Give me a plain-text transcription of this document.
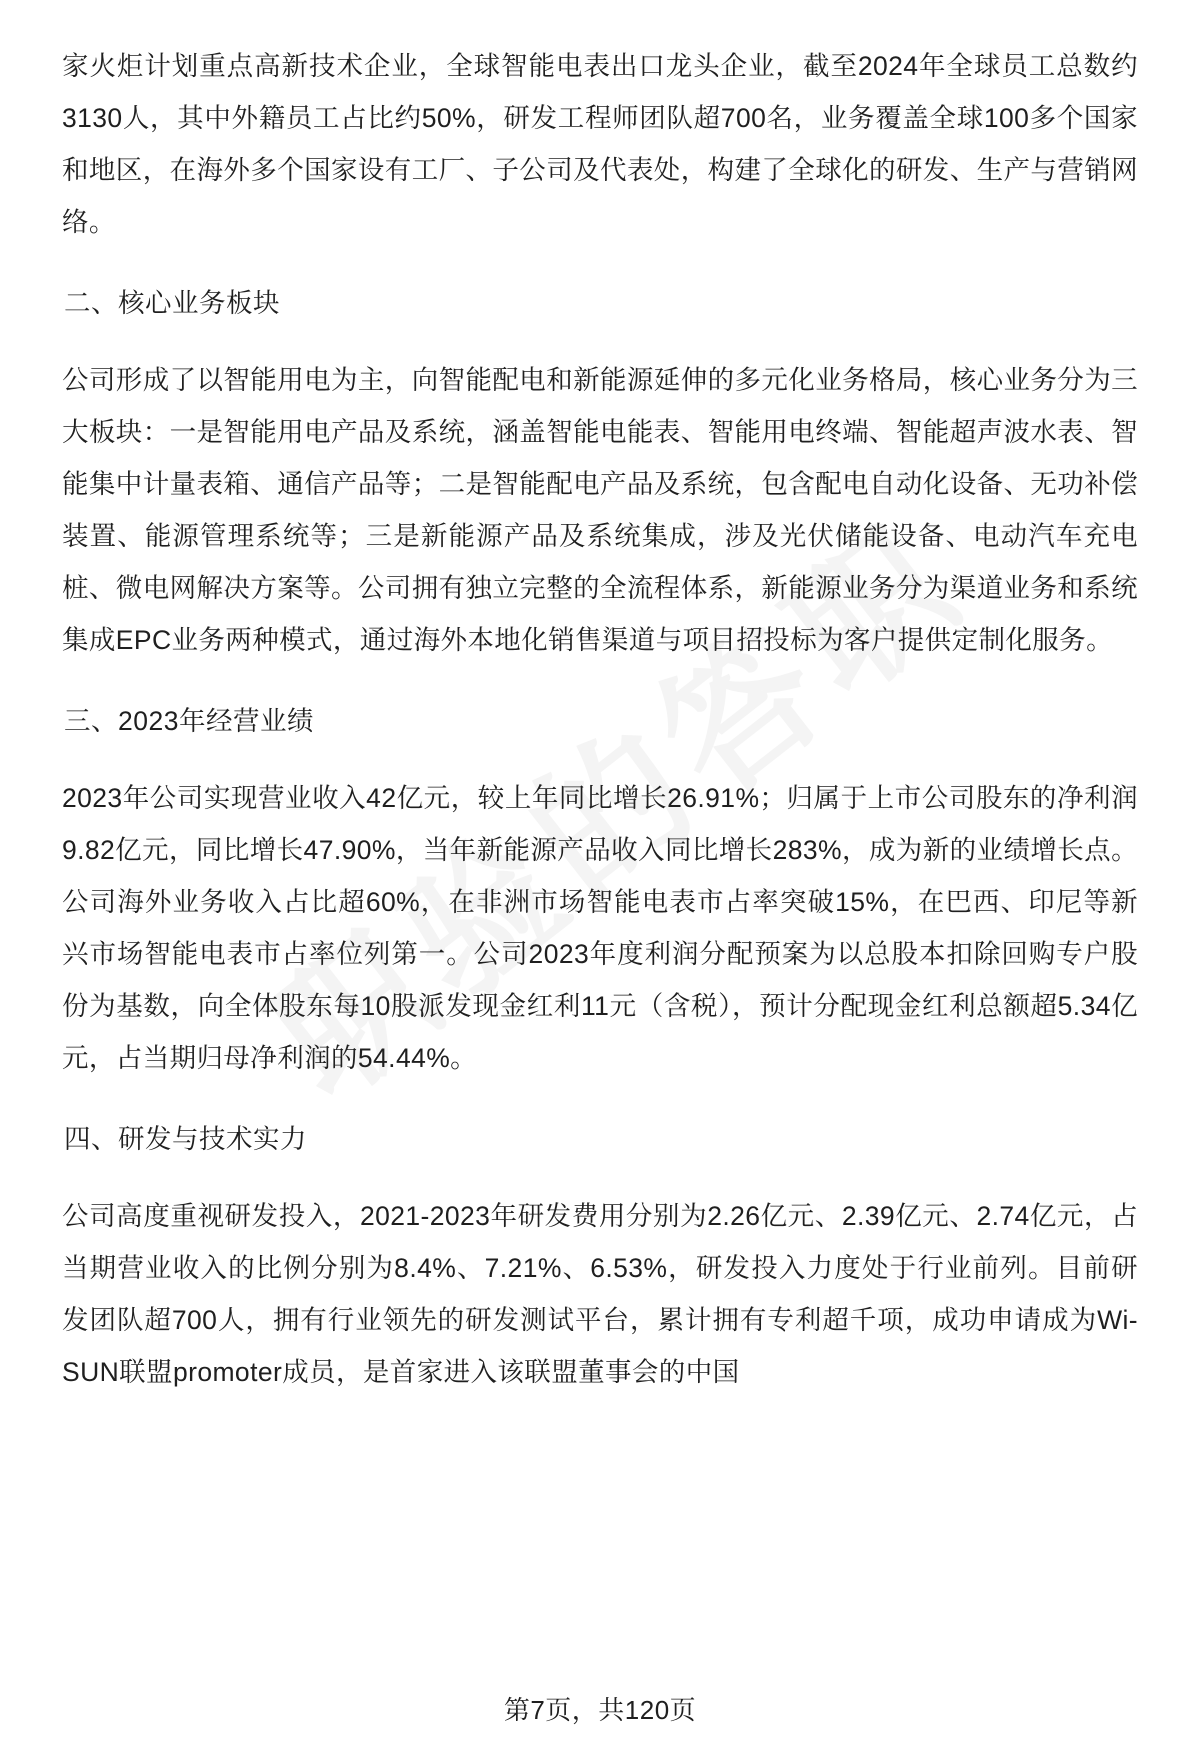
家火炬计划重点高新技术企业，全球智能电表出口龙头企业，截至2024年全球员工总数约3130人，其中外籍员工占比约50%，研发工程师团队超700名，业务覆盖全球100多个国家和地区，在海外多个国家设有工厂、子公司及代表处，构建了全球化的研发、生产与营销网络。

二、核心业务板块

公司形成了以智能用电为主，向智能配电和新能源延伸的多元化业务格局，核心业务分为三大板块：一是智能用电产品及系统，涵盖智能电能表、智能用电终端、智能超声波水表、智能集中计量表箱、通信产品等；二是智能配电产品及系统，包含配电自动化设备、无功补偿装置、能源管理系统等；三是新能源产品及系统集成，涉及光伏储能设备、电动汽车充电桩、微电网解决方案等。公司拥有独立完整的全流程体系，新能源业务分为渠道业务和系统集成EPC业务两种模式，通过海外本地化销售渠道与项目招投标为客户提供定制化服务。

三、2023年经营业绩

2023年公司实现营业收入42亿元，较上年同比增长26.91%；归属于上市公司股东的净利润9.82亿元，同比增长47.90%，当年新能源产品收入同比增长283%，成为新的业绩增长点。公司海外业务收入占比超60%，在非洲市场智能电表市占率突破15%，在巴西、印尼等新兴市场智能电表市占率位列第一。公司2023年度利润分配预案为以总股本扣除回购专户股份为基数，向全体股东每10股派发现金红利11元（含税），预计分配现金红利总额超5.34亿元，占当期归母净利润的54.44%。

四、研发与技术实力

公司高度重视研发投入，2021-2023年研发费用分别为2.26亿元、2.39亿元、2.74亿元，占当期营业收入的比例分别为8.4%、7.21%、6.53%，研发投入力度处于行业前列。目前研发团队超700人，拥有行业领先的研发测试平台，累计拥有专利超千项，成功申请成为Wi-SUN联盟promoter成员，是首家进入该联盟董事会的中国

第7页，共120页
